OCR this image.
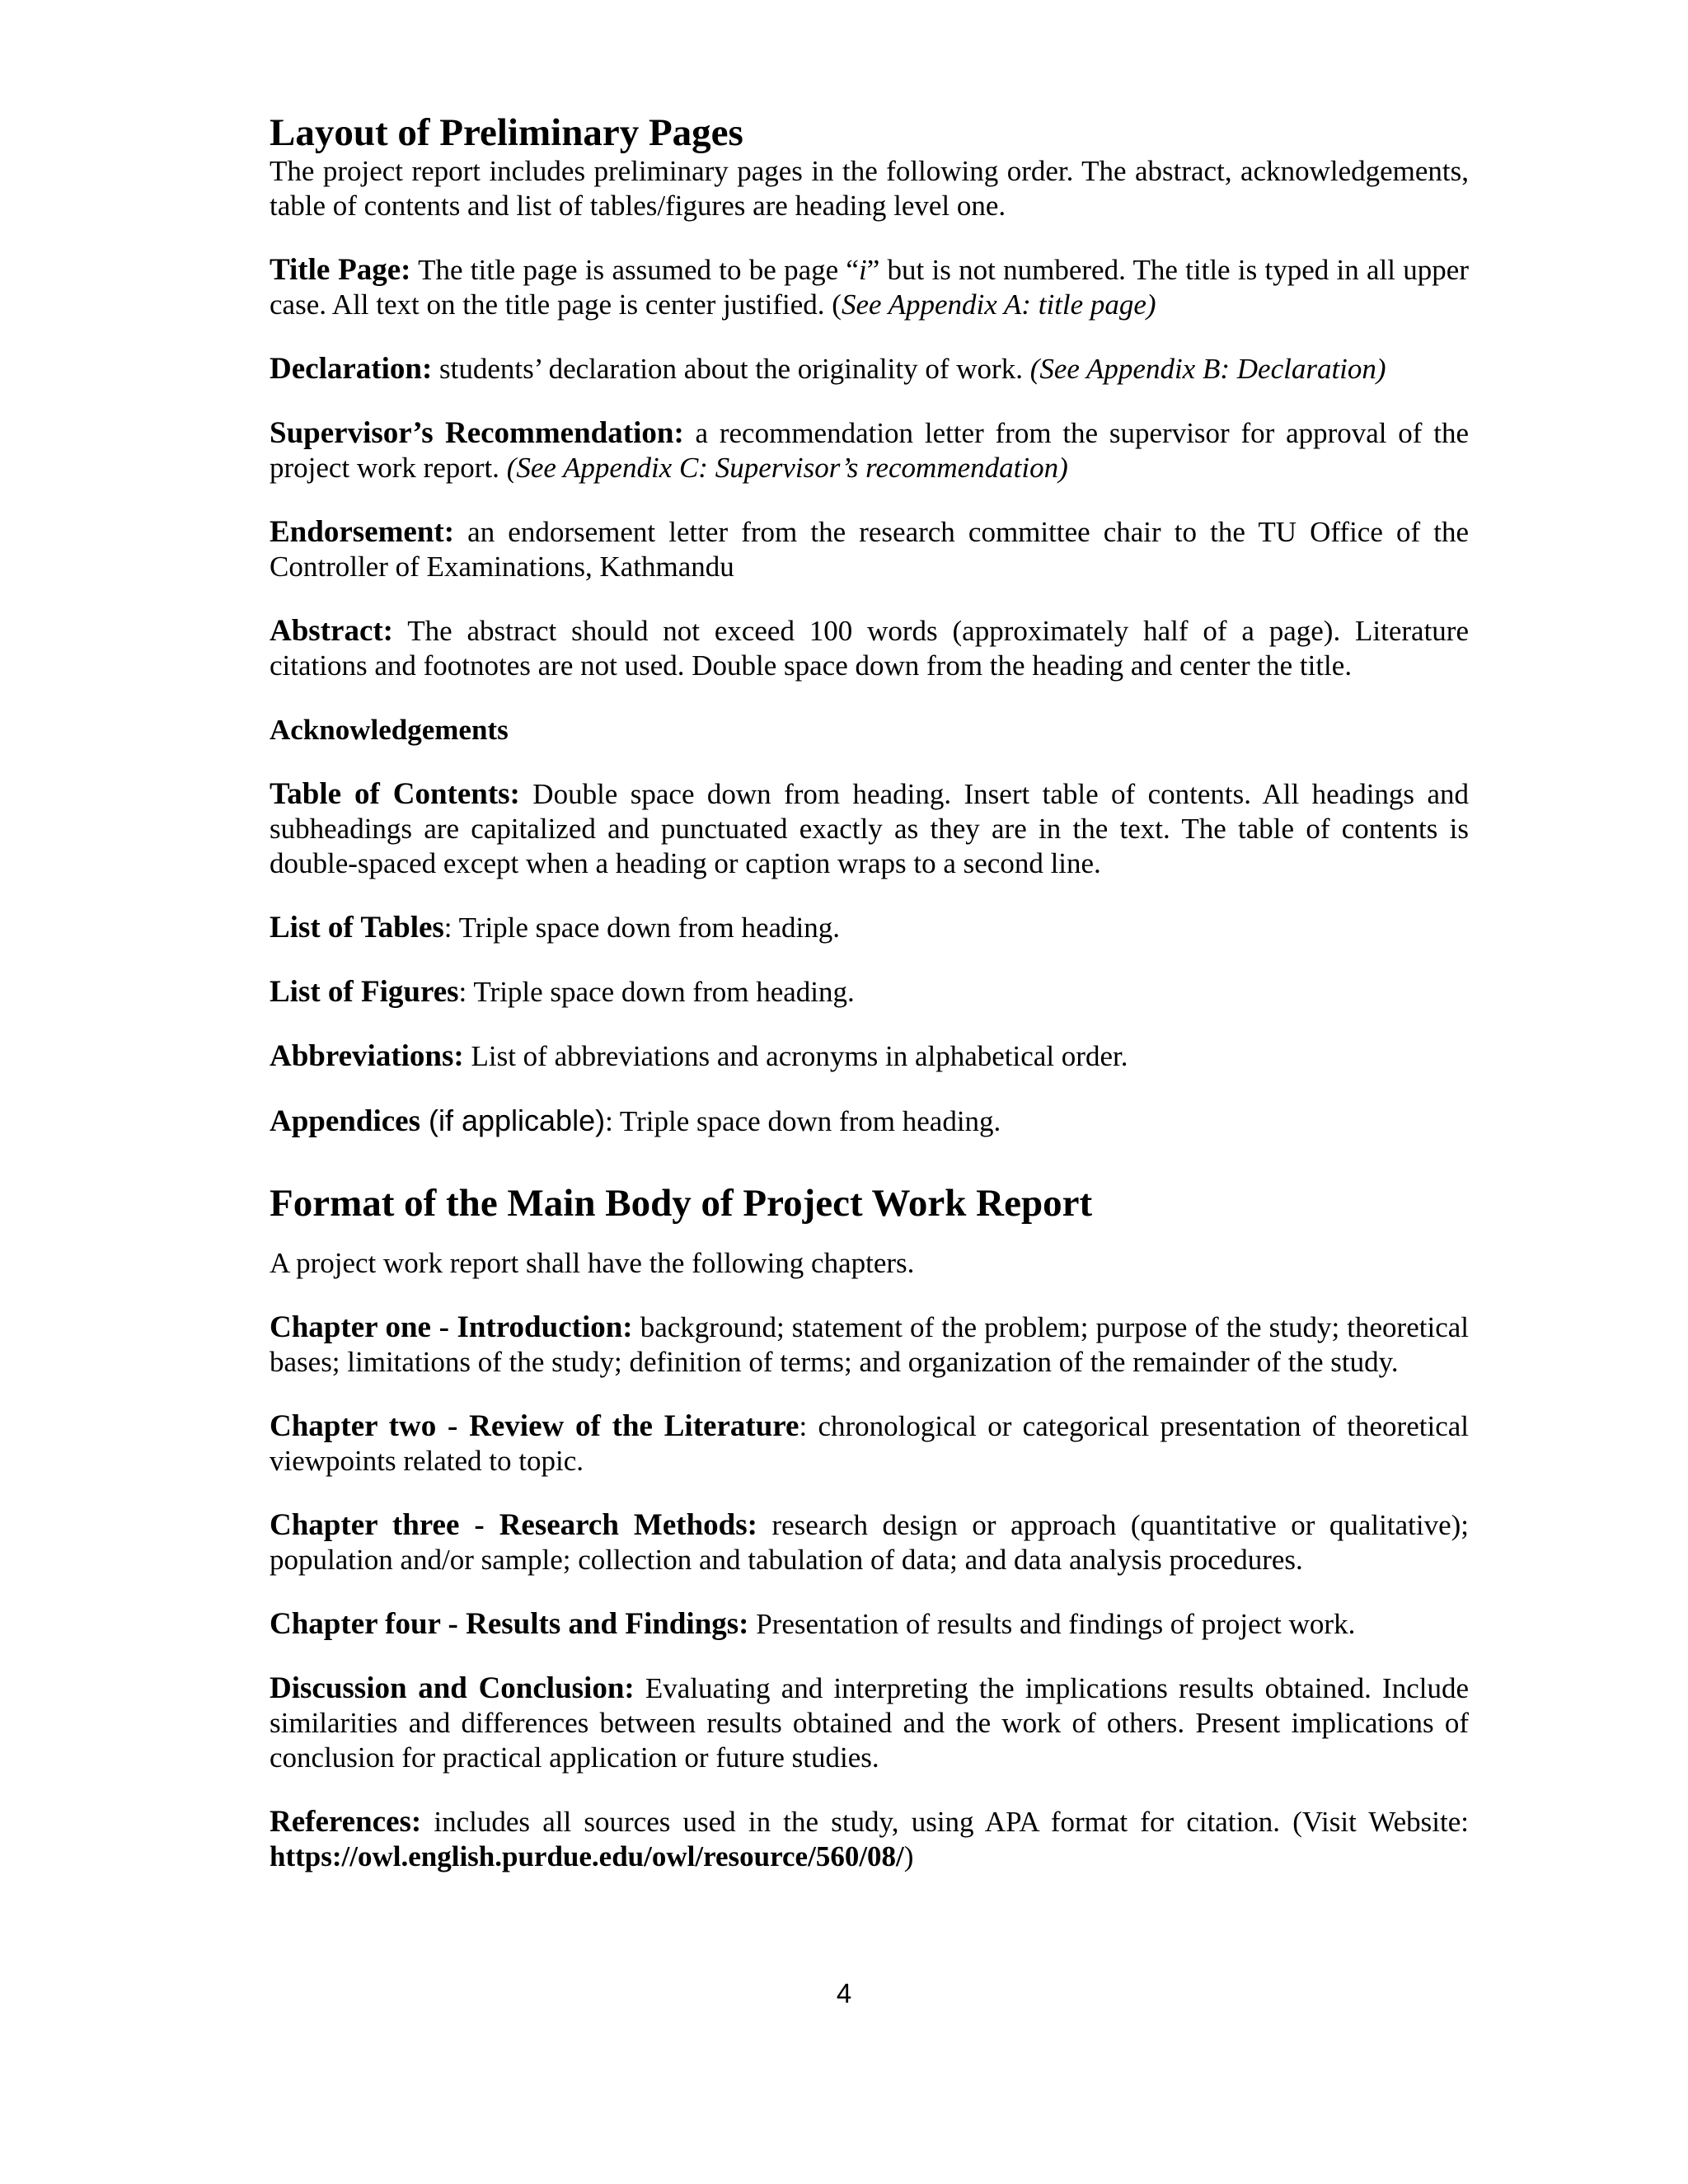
Layout of Preliminary Pages

The project report includes preliminary pages in the following order. The abstract, acknowledgements, table of contents and list of tables/figures are heading level one.

Title Page: The title page is assumed to be page “i” but is not numbered. The title is typed in all upper case. All text on the title page is center justified. (See Appendix A: title page)

Declaration: students’ declaration about the originality of work. (See Appendix B: Declaration)

Supervisor’s Recommendation: a recommendation letter from the supervisor for approval of the project work report. (See Appendix C: Supervisor’s recommendation)

Endorsement: an endorsement letter from the research committee chair to the TU Office of the Controller of Examinations, Kathmandu

Abstract: The abstract should not exceed 100 words (approximately half of a page). Literature citations and footnotes are not used. Double space down from the heading and center the title.

Acknowledgements

Table of Contents: Double space down from heading. Insert table of contents. All headings and subheadings are capitalized and punctuated exactly as they are in the text. The table of contents is double-spaced except when a heading or caption wraps to a second line.

List of Tables: Triple space down from heading.

List of Figures: Triple space down from heading.

Abbreviations: List of abbreviations and acronyms in alphabetical order.

Appendices (if applicable): Triple space down from heading.

Format of the Main Body of Project Work Report

A project work report shall have the following chapters.

Chapter one - Introduction: background; statement of the problem; purpose of the study; theoretical bases; limitations of the study; definition of terms; and organization of the remainder of the study.

Chapter two - Review of the Literature: chronological or categorical presentation of theoretical viewpoints related to topic.

Chapter three - Research Methods: research design or approach (quantitative or qualitative); population and/or sample; collection and tabulation of data; and data analysis procedures.

Chapter four - Results and Findings: Presentation of results and findings of project work.

Discussion and Conclusion: Evaluating and interpreting the implications results obtained. Include similarities and differences between results obtained and the work of others. Present implications of conclusion for practical application or future studies.

References: includes all sources used in the study, using APA format for citation. (Visit Website: https://owl.english.purdue.edu/owl/resource/560/08/)

4
